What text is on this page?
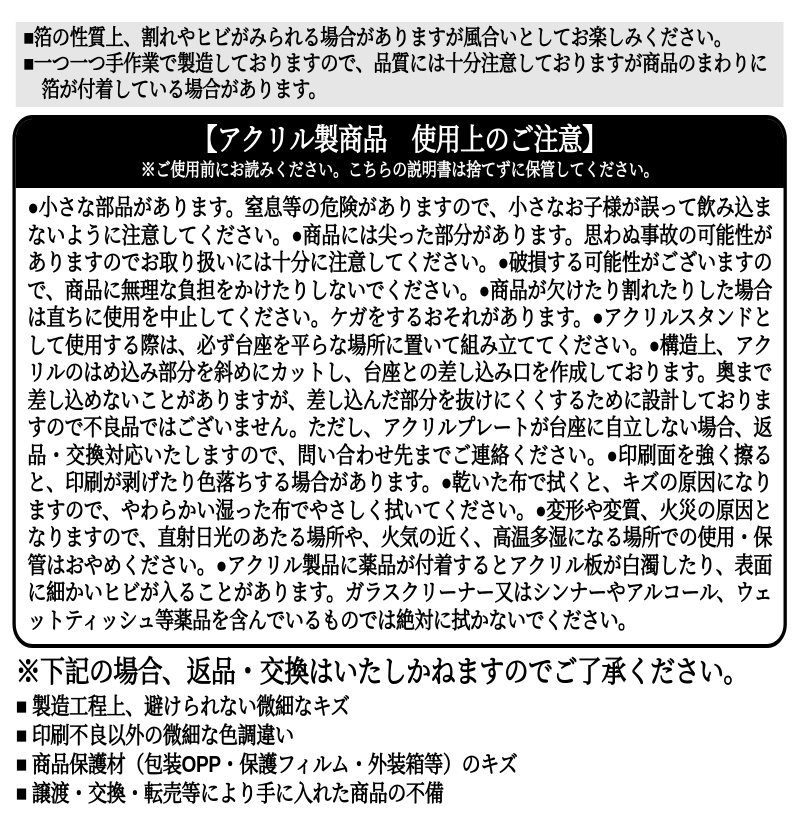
■箔の性質上、割れやヒビがみられる場合がありますが風合いとしてお楽しみください。

■一つ一つ手作業で製造しておりますので、品質には十分注意しておりますが商品のまわりに箔が付着している場合があります。

【アクリル製商品　使用上のご注意】
※ご使用前にお読みください。こちらの説明書は捨てずに保管してください。
●小さな部品があります。窒息等の危険がありますので、小さなお子様が誤って飲み込まないように注意してください。●商品には尖った部分があります。思わぬ事故の可能性がありますのでお取り扱いには十分に注意してください。●破損する可能性がございますので、商品に無理な負担をかけたりしないでください。●商品が欠けたり割れたりした場合は直ちに使用を中止してください。ケガをするおそれがあります。●アクリルスタンドとして使用する際は、必ず台座を平らな場所に置いて組み立ててください。●構造上、アクリルのはめ込み部分を斜めにカットし、台座との差し込み口を作成しております。奥まで差し込めないことがありますが、差し込んだ部分を抜けにくくするために設計しておりますので不良品ではございません。ただし、アクリルプレートが台座に自立しない場合、返品・交換対応いたしますので、問い合わせ先までご連絡ください。●印刷面を強く擦ると、印刷が剥げたり色落ちする場合があります。●乾いた布で拭くと、キズの原因になりますので、やわらかい湿った布でやさしく拭いてください。●変形や変質、火災の原因となりますので、直射日光のあたる場所や、火気の近く、高温多湿になる場所での使用・保管はおやめください。●アクリル製品に薬品が付着するとアクリル板が白濁したり、表面に細かいヒビが入ることがあります。ガラスクリーナー又はシンナーやアルコール、ウェットティッシュ等薬品を含んでいるものでは絶対に拭かないでください。
※下記の場合、返品・交換はいたしかねますのでご了承ください。

■ 製造工程上、避けられない微細なキズ

■ 印刷不良以外の微細な色調違い

■ 商品保護材（包装OPP・保護フィルム・外装箱等）のキズ

■ 譲渡・交換・転売等により手に入れた商品の不備
